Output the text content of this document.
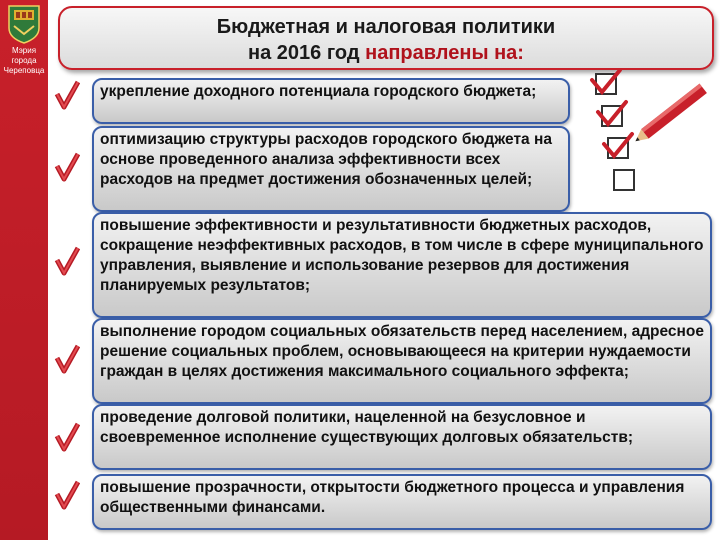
Мэрия
города
Череповца
Бюджетная и налоговая политики
на 2016 год направлены на:
укрепление доходного потенциала городского бюджета;
оптимизацию структуры расходов городского бюджета на основе проведенного анализа эффективности всех расходов на предмет достижения обозначенных целей;
повышение эффективности и результативности бюджетных расходов, сокращение неэффективных расходов, в том числе в сфере муниципального управления, выявление и использование резервов для достижения планируемых результатов;
выполнение городом социальных обязательств перед населением, адресное решение социальных проблем, основывающееся на критерии нуждаемости граждан в целях достижения максимального социального эффекта;
проведение долговой политики, нацеленной на безусловное и своевременное исполнение существующих долговых обязательств;
повышение прозрачности, открытости бюджетного процесса и управления общественными финансами.
